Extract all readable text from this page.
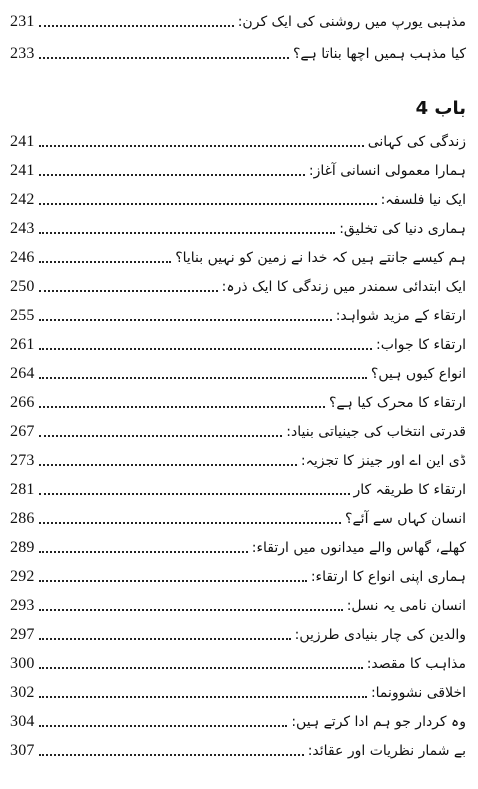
231	مذہبی یورپ میں روشنی کی ایک کرن:
233	کیا مذہب ہمیں اچھا بناتا ہے؟
باب 4
241	زندگی کی کہانی
241	ہمارا معمولی انسانی آغاز:
242	ایک نیا فلسفہ:
243	ہماری دنیا کی تخلیق:
246	ہم کیسے جانتے ہیں کہ خدا نے زمین کو نہیں بنایا؟
250	ایک ابتدائی سمندر میں زندگی کا ایک ذرہ:
255	ارتقاء کے مزید شواہد:
261	ارتقاء کا جواب:
264	انواع کیوں ہیں؟
266	ارتقاء کا محرک کیا ہے؟
267	قدرتی انتخاب کی جینیاتی بنیاد:
273	ڈی این اے اور جینز کا تجزیہ:
281	ارتقاء کا طریقہ کار
286	انسان کہاں سے آئے؟
289	کھلے، گھاس والے میدانوں میں ارتقاء:
292	ہماری اپنی انواع کا ارتقاء:
293	انسان نامی یہ نسل:
297	والدین کی چار بنیادی طرزیں:
300	مذاہب کا مقصد:
302	اخلاقی نشوونما:
304	وہ کردار جو ہم ادا کرتے ہیں:
307	بے شمار نظریات اور عقائد:
